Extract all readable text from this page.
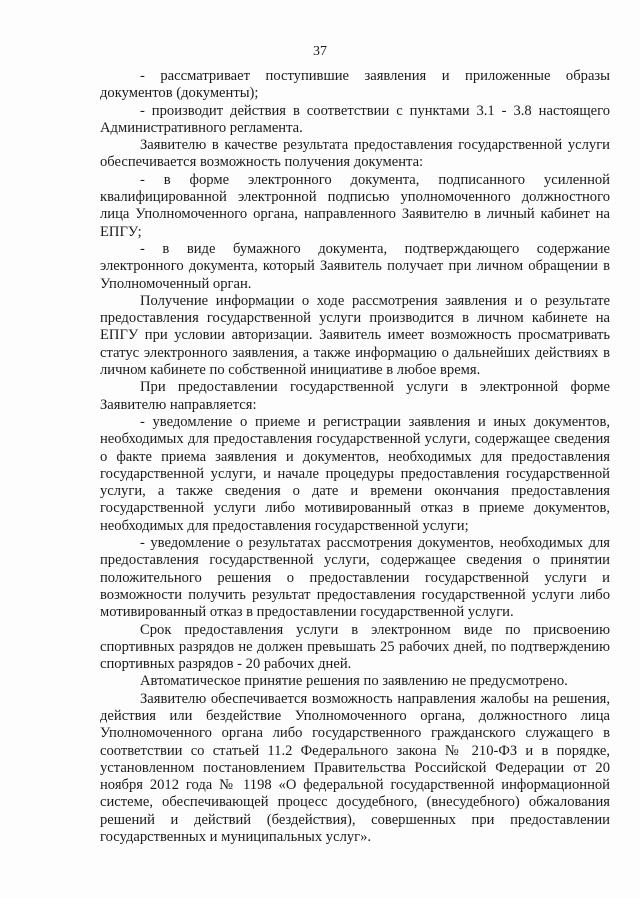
37

- рассматривает поступившие заявления и приложенные образы документов (документы);

- производит действия в соответствии с пунктами 3.1 - 3.8 настоящего Административного регламента.

Заявителю в качестве результата предоставления государственной услуги обеспечивается возможность получения документа:

- в форме электронного документа, подписанного усиленной квалифицированной электронной подписью уполномоченного должностного лица Уполномоченного органа, направленного Заявителю в личный кабинет на ЕПГУ;

- в виде бумажного документа, подтверждающего содержание электронного документа, который Заявитель получает при личном обращении в Уполномоченный орган.

Получение информации о ходе рассмотрения заявления и о результате предоставления государственной услуги производится в личном кабинете на ЕПГУ при условии авторизации. Заявитель имеет возможность просматривать статус электронного заявления, а также информацию о дальнейших действиях в личном кабинете по собственной инициативе в любое время.

При предоставлении государственной услуги в электронной форме Заявителю направляется:

- уведомление о приеме и регистрации заявления и иных документов, необходимых для предоставления государственной услуги, содержащее сведения о факте приема заявления и документов, необходимых для предоставления государственной услуги, и начале процедуры предоставления государственной услуги, а также сведения о дате и времени окончания предоставления государственной услуги либо мотивированный отказ в приеме документов, необходимых для предоставления государственной услуги;

- уведомление о результатах рассмотрения документов, необходимых для предоставления государственной услуги, содержащее сведения о принятии положительного решения о предоставлении государственной услуги и возможности получить результат предоставления государственной услуги либо мотивированный отказ в предоставлении государственной услуги.

Срок предоставления услуги в электронном виде по присвоению спортивных разрядов не должен превышать 25 рабочих дней, по подтверждению спортивных разрядов - 20 рабочих дней.

Автоматическое принятие решения по заявлению не предусмотрено.

Заявителю обеспечивается возможность направления жалобы на решения, действия или бездействие Уполномоченного органа, должностного лица Уполномоченного органа либо государственного гражданского служащего в соответствии со статьей 11.2 Федерального закона № 210-ФЗ и в порядке, установленном постановлением Правительства Российской Федерации от 20 ноября 2012 года № 1198 «О федеральной государственной информационной системе, обеспечивающей процесс досудебного, (внесудебного) обжалования решений и действий (бездействия), совершенных при предоставлении государственных и муниципальных услуг».
